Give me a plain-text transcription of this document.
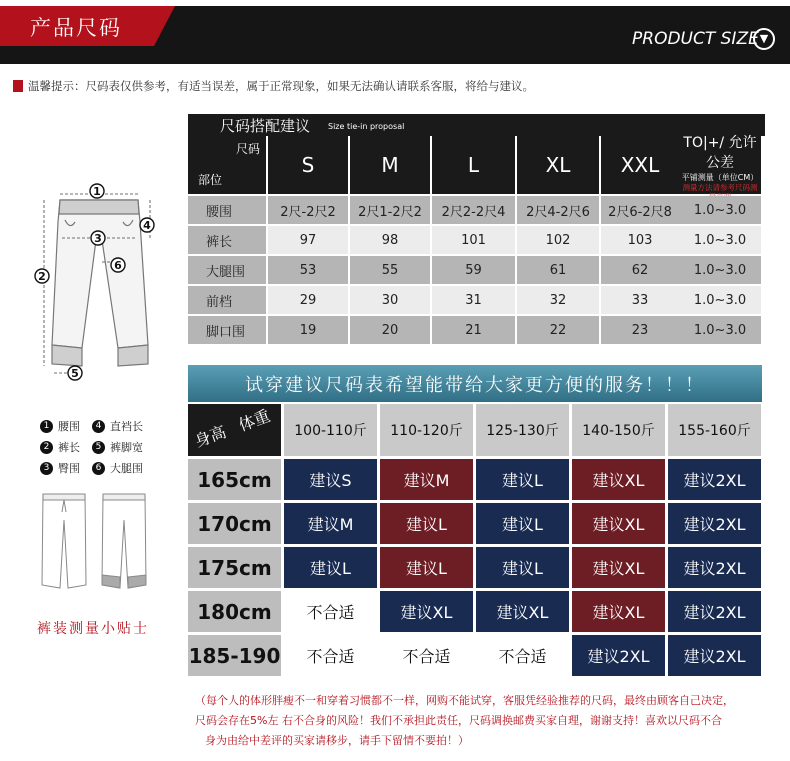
产品尺码	PRODUCT SIZE ▼
温馨提示：尺码表仅供参考，有适当误差，属于正常现象，如果无法确认请联系客服，将给与建议。
尺码搭配建议 Size tie-in proposal
尺码
部位
S	M	L	XL	XXL
TO|+/ 允许公差
平铺测量（单位CM）
测量方法请参考尺码测
腰围	2尺-2尺2	2尺1-2尺2	2尺2-2尺4	2尺4-2尺6	2尺6-2尺8	1.0~3.0
裤长	97	98	101	102	103	1.0~3.0
大腿围	53	55	59	61	62	1.0~3.0
前档	29	30	31	32	33	1.0~3.0
脚口围	19	20	21	22	23	1.0~3.0
1
2
3
4
5
6
1 腰围	4 直裆长
2 裤长	5 裤脚宽
3 臀围	6 大腿围
裤装测量小贴士
试穿建议尺码表希望能带给大家更方便的服务！！！
体重
身高	100-110斤	110-120斤	125-130斤	140-150斤	155-160斤
165cm	建议S	建议M	建议L	建议XL	建议2XL
170cm	建议M	建议L	建议L	建议XL	建议2XL
175cm	建议L	建议L	建议L	建议XL	建议2XL
180cm	不合适	建议XL	建议XL	建议XL	建议2XL
185-190	不合适	不合适	不合适	建议2XL	建议2XL
（每个人的体形胖瘦不一和穿着习惯都不一样，网购不能试穿，客服凭经验推荐的尺码，最终由顾客自己决定，
尺码会存在5%左 右不合身的风险！我们不承担此责任，尺码调换邮费买家自理，谢谢支持！喜欢以尺码不合
身为由给中差评的买家请移步，请手下留情不要拍！）
